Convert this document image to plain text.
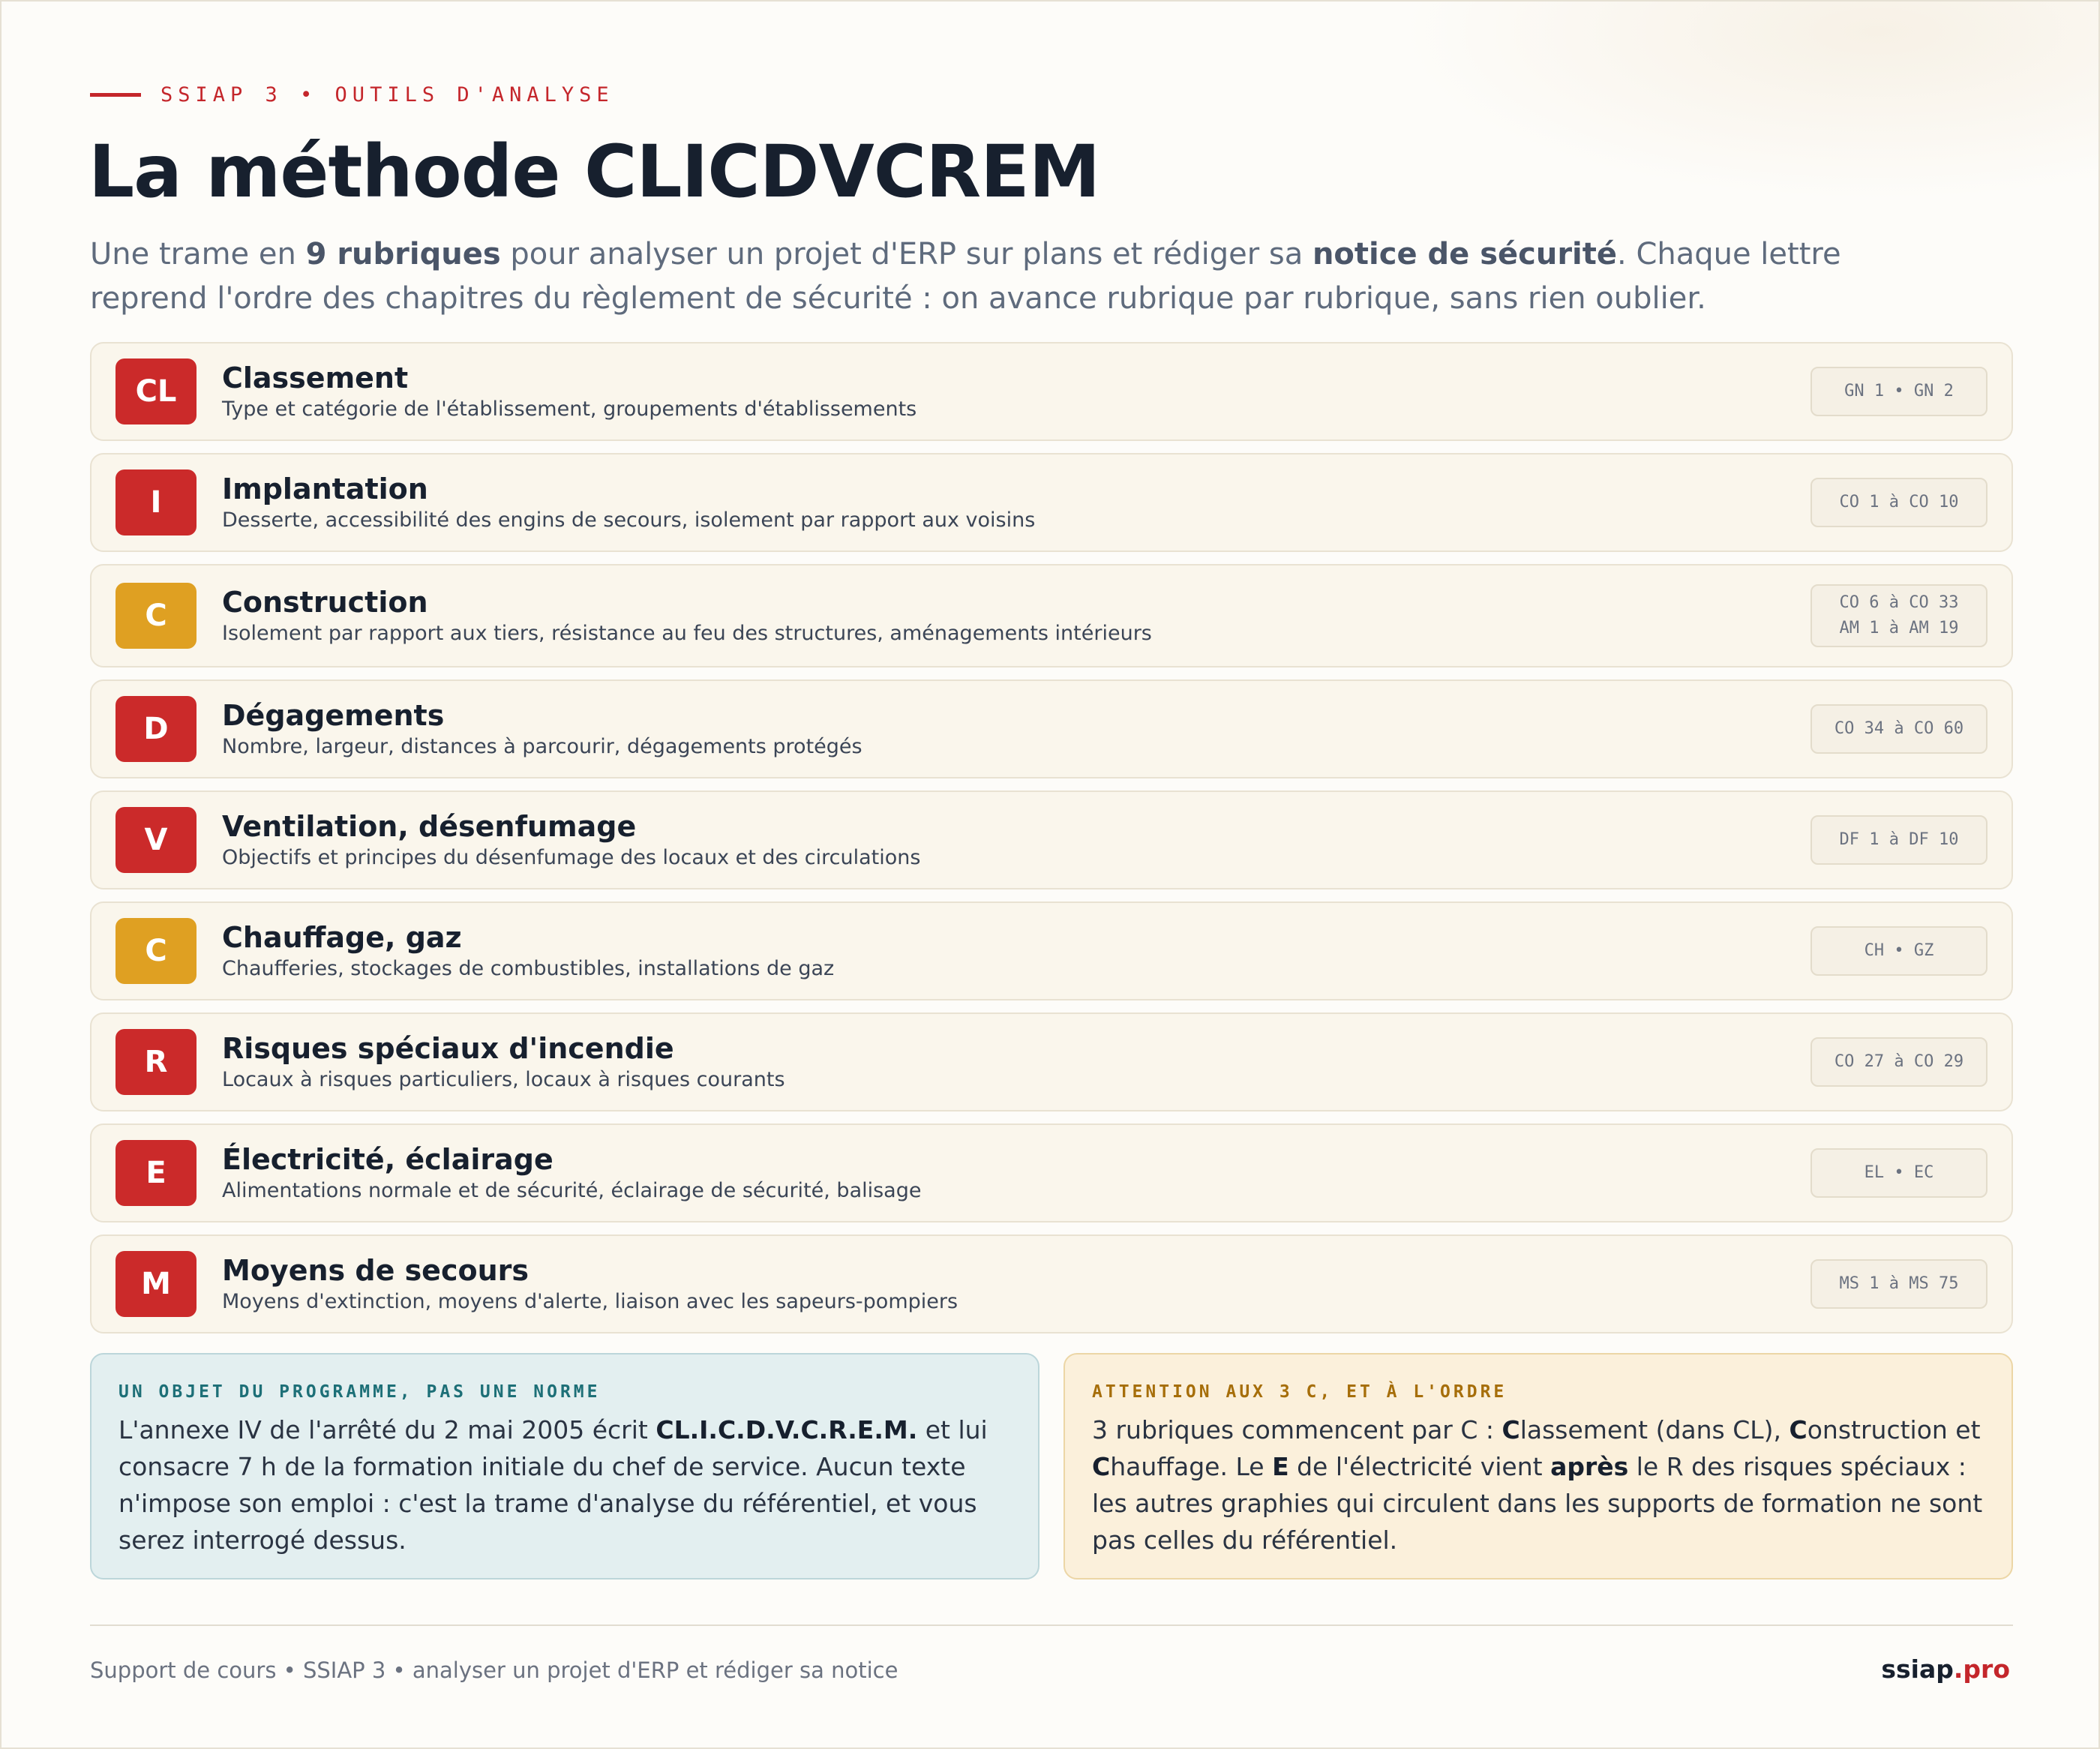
SSIAP 3 • OUTILS D'ANALYSE
La méthode CLICDVCREM

Une trame en 9 rubriques pour analyser un projet d'ERP sur plans et rédiger sa notice de sécurité. Chaque lettre reprend l'ordre des chapitres du règlement de sécurité : on avance rubrique par rubrique, sans rien oublier.

CL	Classement
Type et catégorie de l'établissement, groupements d'établissements
GN 1 • GN 2
I	Implantation
Desserte, accessibilité des engins de secours, isolement par rapport aux voisins
CO 1 à CO 10
C	Construction
Isolement par rapport aux tiers, résistance au feu des structures, aménagements intérieurs
CO 6 à CO 33
AM 1 à AM 19
D	Dégagements
Nombre, largeur, distances à parcourir, dégagements protégés
CO 34 à CO 60
V	Ventilation, désenfumage
Objectifs et principes du désenfumage des locaux et des circulations
DF 1 à DF 10
C	Chauffage, gaz
Chaufferies, stockages de combustibles, installations de gaz
CH • GZ
R	Risques spéciaux d'incendie
Locaux à risques particuliers, locaux à risques courants
CO 27 à CO 29
E	Électricité, éclairage
Alimentations normale et de sécurité, éclairage de sécurité, balisage
EL • EC
M	Moyens de secours
Moyens d'extinction, moyens d'alerte, liaison avec les sapeurs-pompiers
MS 1 à MS 75
UN OBJET DU PROGRAMME, PAS UNE NORME
L'annexe IV de l'arrêté du 2 mai 2005 écrit CL.I.C.D.V.C.R.E.M. et lui consacre 7 h de la formation initiale du chef de service. Aucun texte n'impose son emploi : c'est la trame d'analyse du référentiel, et vous serez interrogé dessus.
ATTENTION AUX 3 C, ET À L'ORDRE
3 rubriques commencent par C : Classement (dans CL), Construction et Chauffage. Le E de l'électricité vient après le R des risques spéciaux : les autres graphies qui circulent dans les supports de formation ne sont pas celles du référentiel.
Support de cours • SSIAP 3 • analyser un projet d'ERP et rédiger sa notice	ssiap.pro
